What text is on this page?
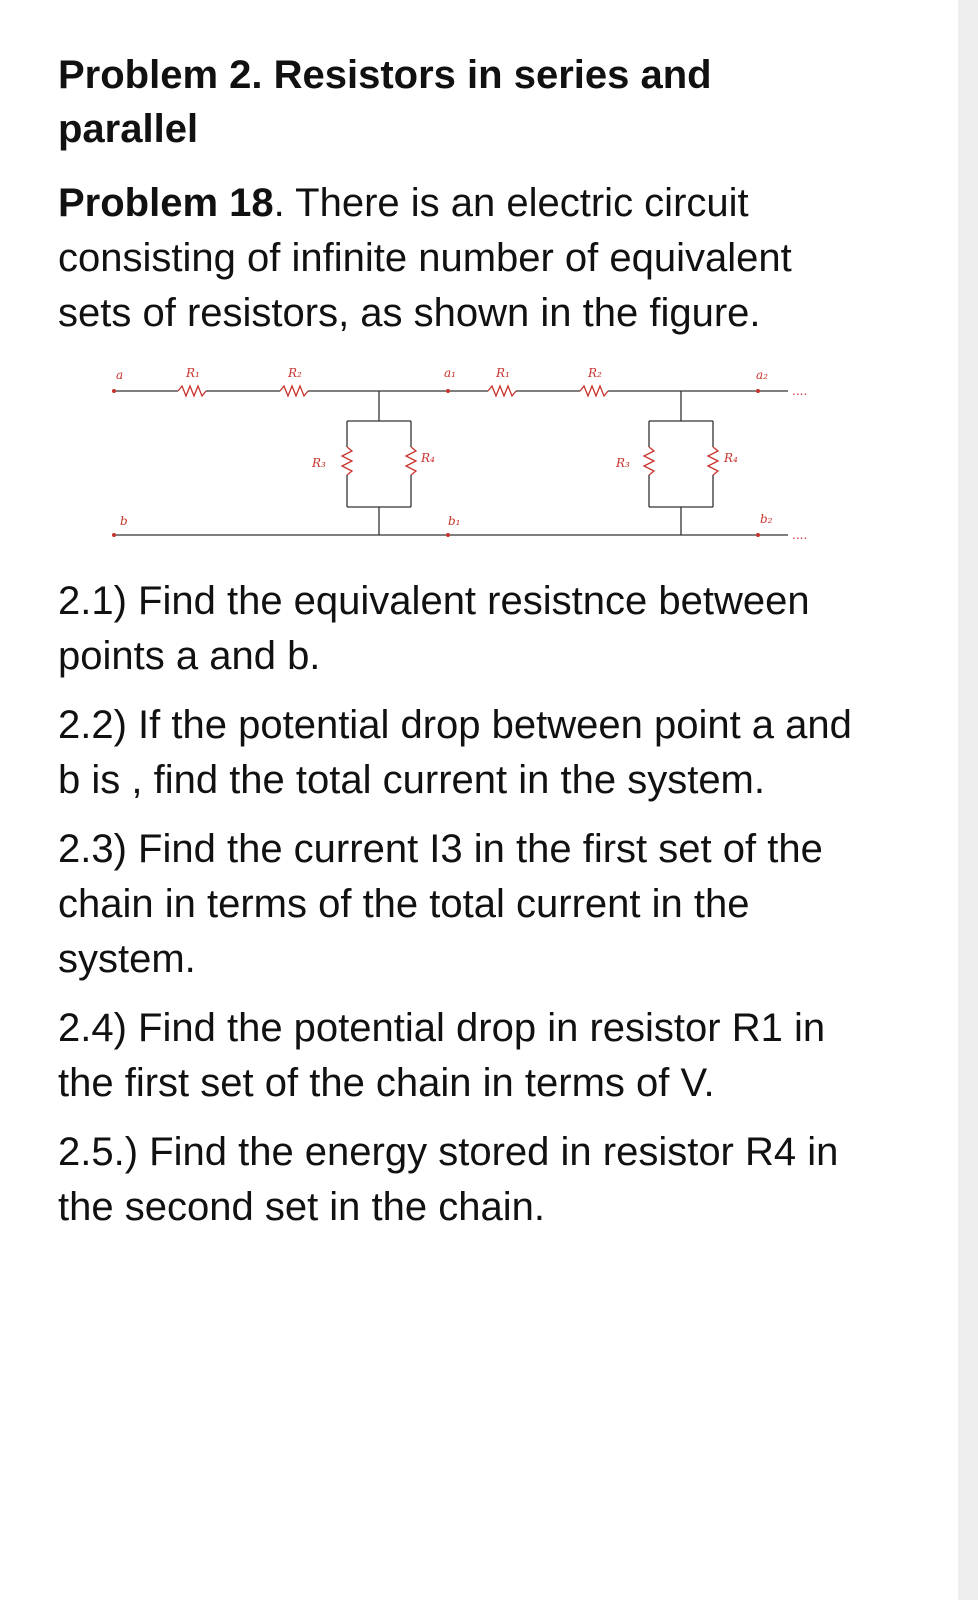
Problem 2. Resistors in series and parallel

Problem 18. There is an electric circuit consisting of infinite number of equivalent sets of resistors, as shown in the figure.

a
b
R₁	R₂
R₃	R₄
a₁
b₁
R₁	R₂
R₃	R₄
a₂
b₂
....
....

2.1) Find the equivalent resistnce between points a and b.

2.2) If the potential drop between point a and b is , find the total current in the system.

2.3) Find the current I3 in the first set of the chain in terms of the total current in the system.

2.4) Find the potential drop in resistor R1 in the first set of the chain in terms of V.

2.5.) Find the energy stored in resistor R4 in the second set in the chain.
